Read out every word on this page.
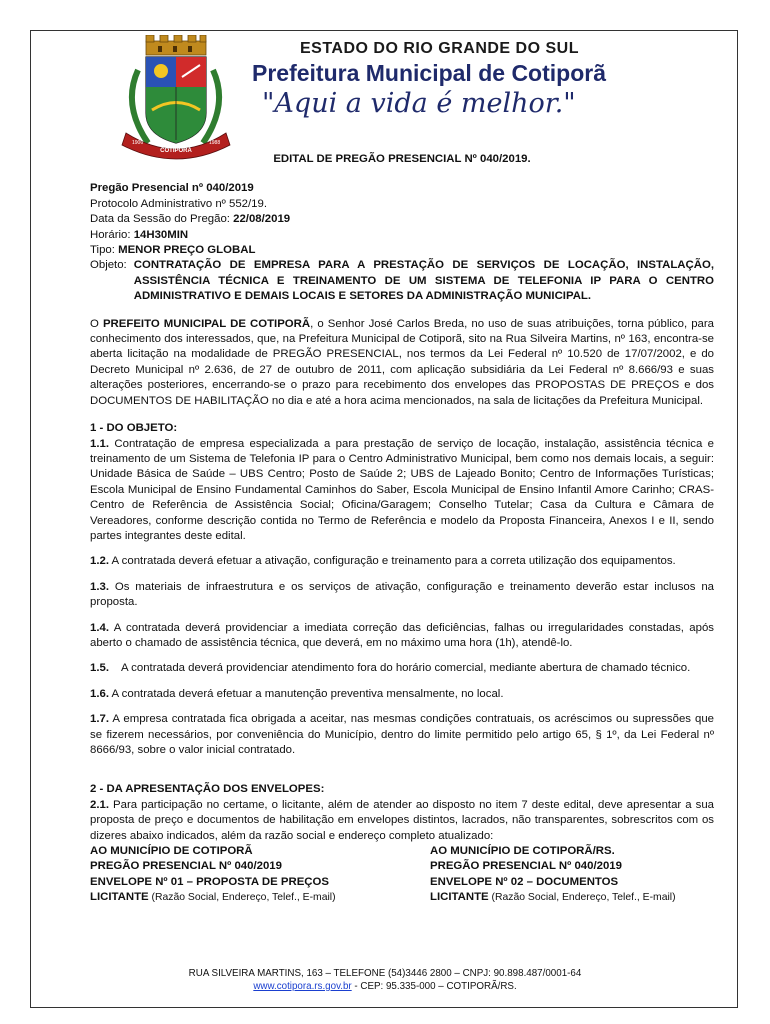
1906	1988
COTIPORÃ
ESTADO DO RIO GRANDE DO SUL
Prefeitura Municipal de Cotiporã
"Aqui a vida é melhor."

EDITAL DE PREGÃO PRESENCIAL Nº 040/2019.

Pregão Presencial nº 040/2019

Protocolo Administrativo nº 552/19.

Data da Sessão do Pregão: 22/08/2019

Horário: 14H30MIN

Tipo: MENOR PREÇO GLOBAL

Objeto: CONTRATAÇÃO DE EMPRESA PARA A PRESTAÇÃO DE SERVIÇOS DE LOCAÇÃO, INSTALAÇÃO, ASSISTÊNCIA TÉCNICA E TREINAMENTO DE UM SISTEMA DE TELEFONIA IP PARA O CENTRO ADMINISTRATIVO E DEMAIS LOCAIS E SETORES DA ADMINISTRAÇÃO MUNICIPAL.

O PREFEITO MUNICIPAL DE COTIPORÃ, o Senhor José Carlos Breda, no uso de suas atribuições, torna público, para conhecimento dos interessados, que, na Prefeitura Municipal de Cotiporã, sito na Rua Silveira Martins, nº 163, encontra-se aberta licitação na modalidade de PREGÃO PRESENCIAL, nos termos da Lei Federal nº 10.520 de 17/07/2002, e do Decreto Municipal nº 2.636, de 27 de outubro de 2011, com aplicação subsidiária da Lei Federal nº 8.666/93 e suas alterações posteriores, encerrando-se o prazo para recebimento dos envelopes das PROPOSTAS DE PREÇOS e dos DOCUMENTOS DE HABILITAÇÃO no dia e até a hora acima mencionados, na sala de licitações da Prefeitura Municipal.

1 - DO OBJETO:

1.1. Contratação de empresa especializada a para prestação de serviço de locação, instalação, assistência técnica e treinamento de um Sistema de Telefonia IP para o Centro Administrativo Municipal, bem como nos demais locais, a seguir: Unidade Básica de Saúde – UBS Centro; Posto de Saúde 2; UBS de Lajeado Bonito; Centro de Informações Turísticas; Escola Municipal de Ensino Fundamental Caminhos do Saber, Escola Municipal de Ensino Infantil Amore Carinho; CRAS-Centro de Referência de Assistência Social; Oficina/Garagem; Conselho Tutelar; Casa da Cultura e Câmara de Vereadores, conforme descrição contida no Termo de Referência e modelo da Proposta Financeira, Anexos I e II, sendo partes integrantes deste edital.

1.2. A contratada deverá efetuar a ativação, configuração e treinamento para a correta utilização dos equipamentos.

1.3. Os materiais de infraestrutura e os serviços de ativação, configuração e treinamento deverão estar inclusos na proposta.

1.4. A contratada deverá providenciar a imediata correção das deficiências, falhas ou irregularidades constadas, após aberto o chamado de assistência técnica, que deverá, em no máximo uma hora (1h), atendê-lo.

1.5.    A contratada deverá providenciar atendimento fora do horário comercial, mediante abertura de chamado técnico.

1.6. A contratada deverá efetuar a manutenção preventiva mensalmente, no local.

1.7. A empresa contratada fica obrigada a aceitar, nas mesmas condições contratuais, os acréscimos ou supressões que se fizerem necessários, por conveniência do Município, dentro do limite permitido pelo artigo 65, § 1º, da Lei Federal nº 8666/93, sobre o valor inicial contratado.

2 - DA APRESENTAÇÃO DOS ENVELOPES:

2.1. Para participação no certame, o licitante, além de atender ao disposto no item 7 deste edital, deve apresentar a sua proposta de preço e documentos de habilitação em envelopes distintos, lacrados, não transparentes, sobrescritos com os dizeres abaixo indicados, além da razão social e endereço completo atualizado:

AO MUNICÍPIO DE COTIPORÃ

PREGÃO PRESENCIAL Nº 040/2019

ENVELOPE Nº 01 – PROPOSTA DE PREÇOS

LICITANTE (Razão Social, Endereço, Telef., E-mail)

AO MUNICÍPIO DE COTIPORÃ/RS.

PREGÃO PRESENCIAL Nº 040/2019

ENVELOPE Nº 02 – DOCUMENTOS

LICITANTE (Razão Social, Endereço, Telef., E-mail)

RUA SILVEIRA MARTINS, 163 – TELEFONE (54)3446 2800 – CNPJ: 90.898.487/0001-64
www.cotipora.rs.gov.br - CEP: 95.335-000 – COTIPORÃ/RS.
